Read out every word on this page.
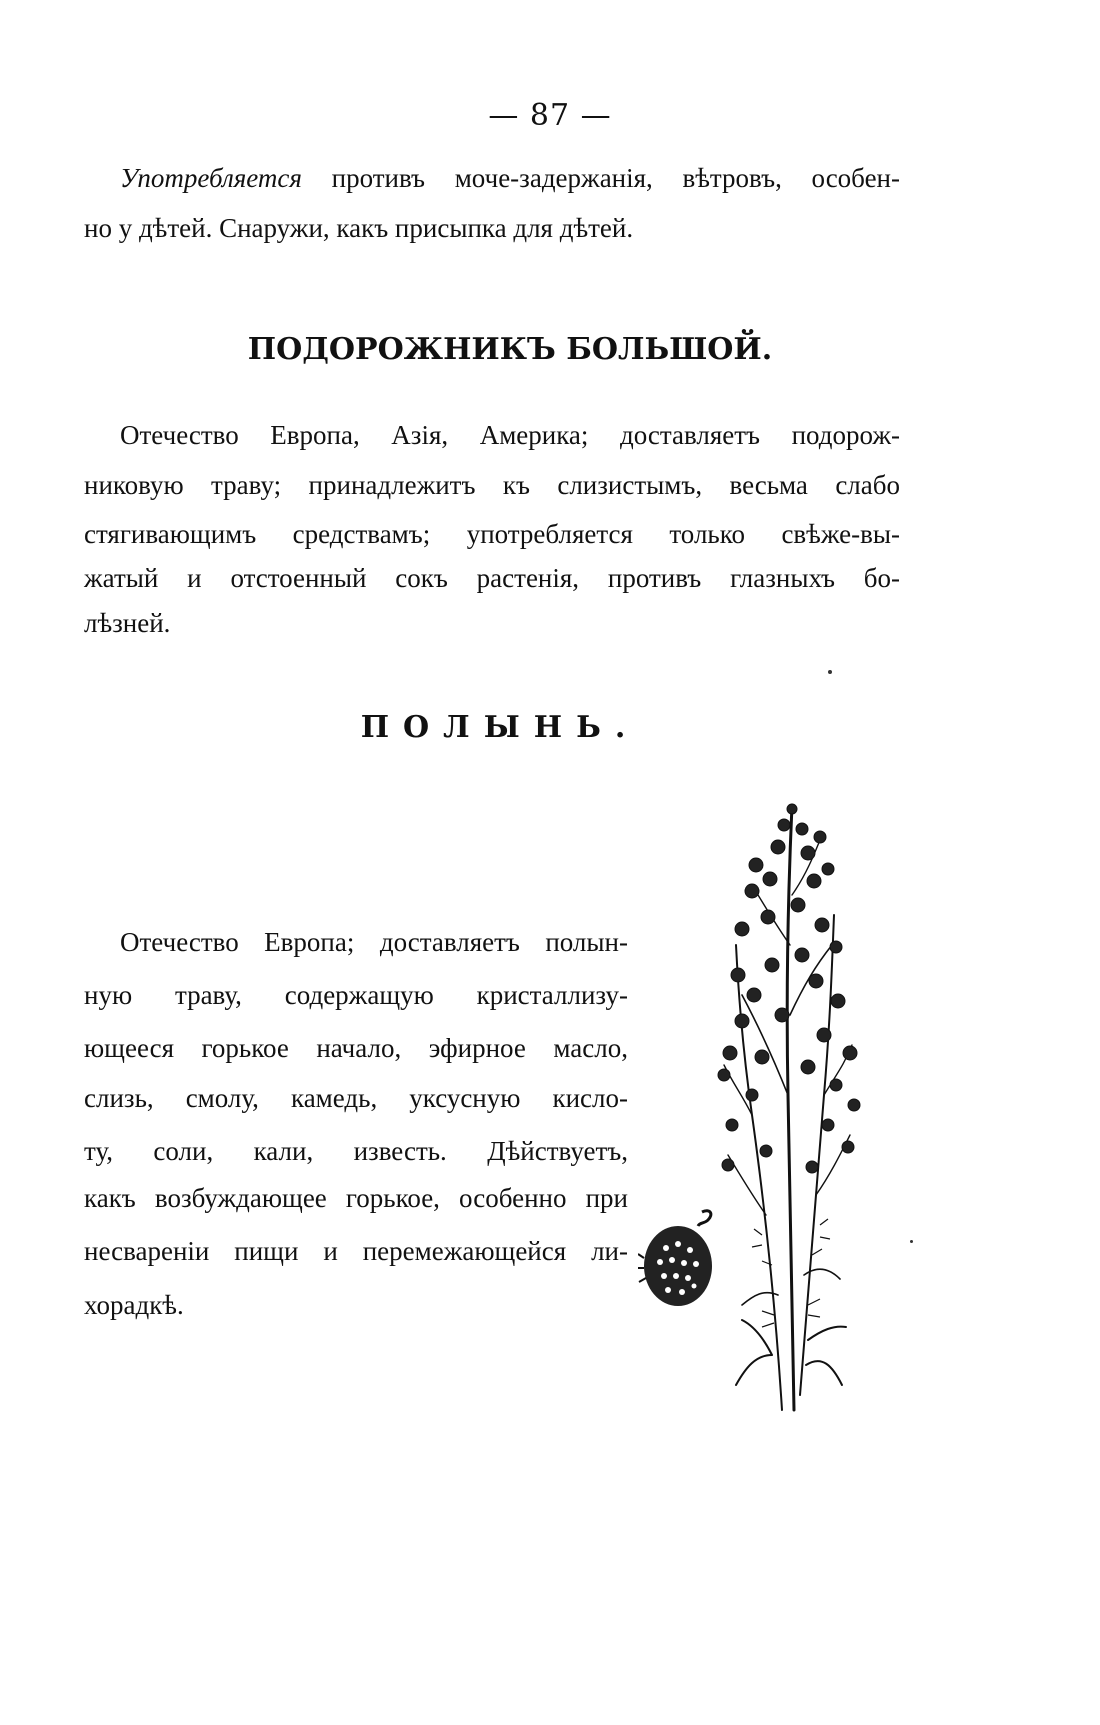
— 87 —
Употребляется противъ моче-задержанія, вѣтровъ, особен-
но у дѣтей. Снаружи, какъ присыпка для дѣтей.
ПОДОРОЖНИКЪ БОЛЬШОЙ.
Отечество Европа, Азія, Америка; доставляетъ подорож-
никовую траву; принадлежитъ къ слизистымъ, весьма слабо
стягивающимъ средствамъ; употребляется только свѣже-вы-
жатый и отстоенный сокъ растенія, противъ глазныхъ бо-
лѣзней.
ПОЛЫНЬ.
Отечество Европа; доставляетъ полын-
ную траву, содержащую кристаллизу-
ющееся горькое начало, эфирное масло,
слизь, смолу, камедь, уксусную кисло-
ту, соли, кали, известь. Дѣйствуетъ,
какъ возбуждающее горькое, особенно при
несвареніи пищи и перемежающейся ли-
хорадкѣ.
